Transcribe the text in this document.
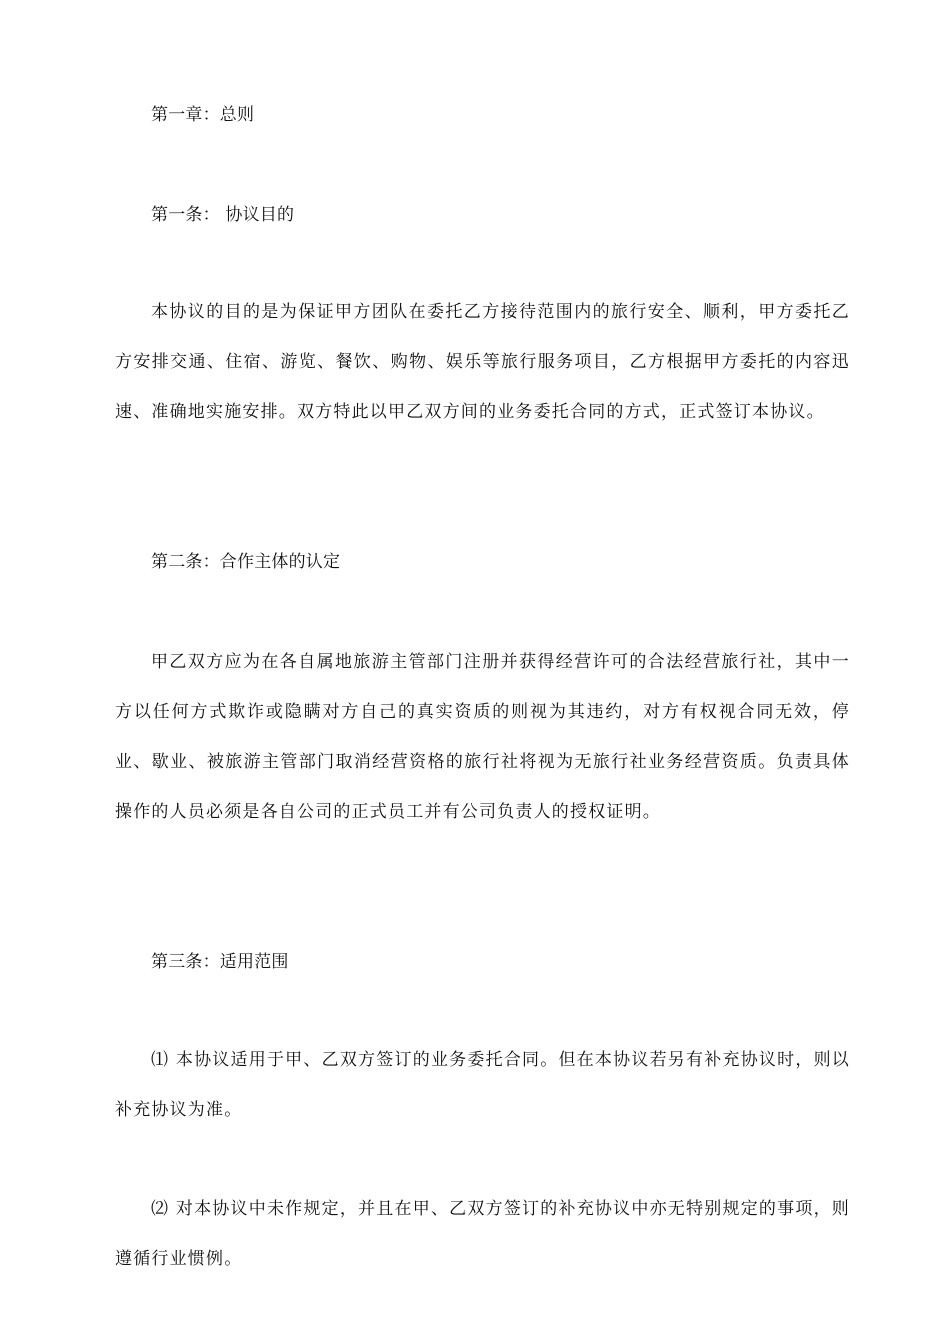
第一章：总则
第一条： 协议目的

本协议的目的是为保证甲方团队在委托乙方接待范围内的旅行安全、顺利，甲方委托乙方安排交通、住宿、游览、餐饮、购物、娱乐等旅行服务项目，乙方根据甲方委托的内容迅速、准确地实施安排。双方特此以甲乙双方间的业务委托合同的方式，正式签订本协议。

第二条：合作主体的认定

甲乙双方应为在各自属地旅游主管部门注册并获得经营许可的合法经营旅行社，其中一方以任何方式欺诈或隐瞒对方自己的真实资质的则视为其违约，对方有权视合同无效，停业、歇业、被旅游主管部门取消经营资格的旅行社将视为无旅行社业务经营资质。负责具体操作的人员必须是各自公司的正式员工并有公司负责人的授权证明。

第三条：适用范围

⑴ 本协议适用于甲、乙双方签订的业务委托合同。但在本协议若另有补充协议时，则以补充协议为准。

⑵ 对本协议中未作规定，并且在甲、乙双方签订的补充协议中亦无特别规定的事项，则遵循行业惯例。
